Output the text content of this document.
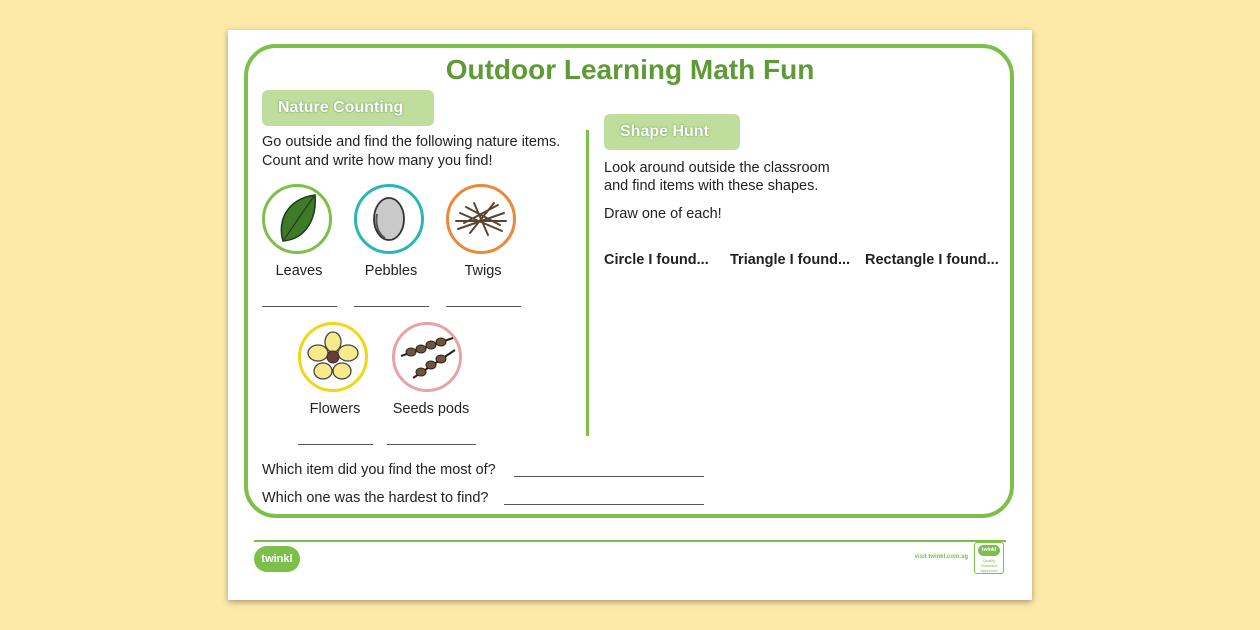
Outdoor Learning Math Fun
Nature Counting
Go outside and find the following nature items.
Count and write how many you find!
Leaves	Pebbles	Twigs
Flowers	Seeds pods
Which item did you find the most of?
Which one was the hardest to find?
Shape Hunt
Look around outside the classroom
and find items with these shapes.
Draw one of each!
Circle I found... Triangle I found... Rectangle I found...
twinkl	visit twinkl.com.sg
twinkl
Quality Standard Approved
